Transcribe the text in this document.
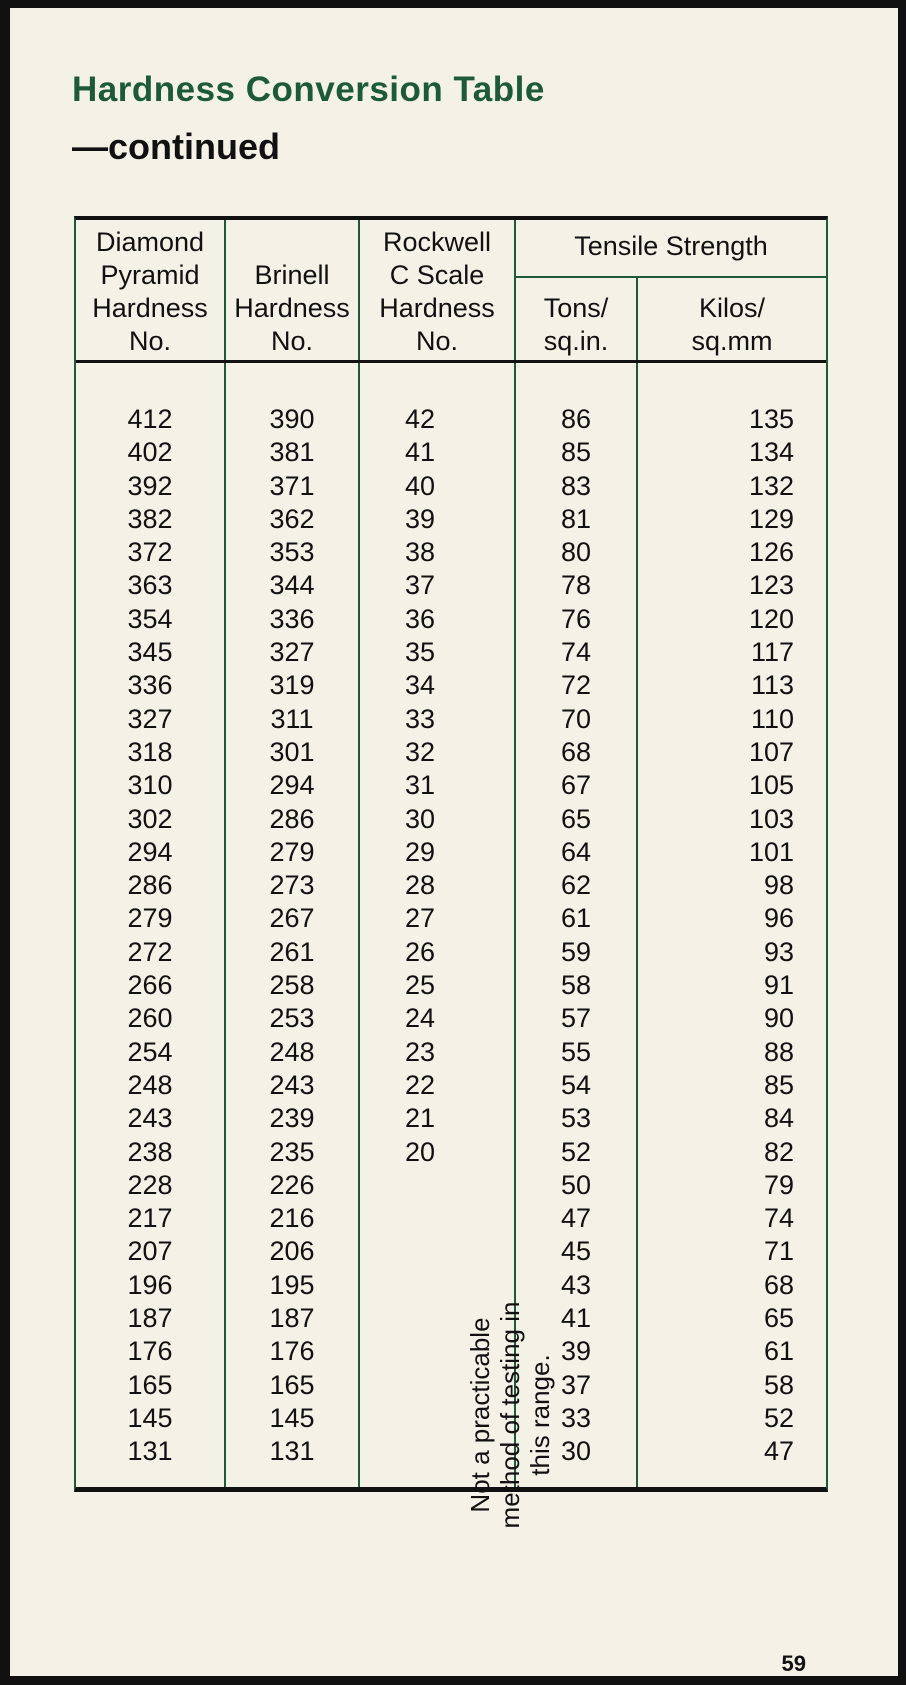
Hardness Conversion Table
—continued
Diamond
Pyramid
Hardness
No.
Brinell
Hardness
No.
Rockwell
C Scale
Hardness
No.
Tensile Strength
Tons/
sq.in.
Kilos/
sq.mm
412
402
392
382
372
363
354
345
336
327
318
310
302
294
286
279
272
266
260
254
248
243
238
228
217
207
196
187
176
165
145
131
390
381
371
362
353
344
336
327
319
311
301
294
286
279
273
267
261
258
253
248
243
239
235
226
216
206
195
187
176
165
145
131
42
41
40
39
38
37
36
35
34
33
32
31
30
29
28
27
26
25
24
23
22
21
20
86
85
83
81
80
78
76
74
72
70
68
67
65
64
62
61
59
58
57
55
54
53
52
50
47
45
43
41
39
37
33
30
135
134
132
129
126
123
120
117
113
110
107
105
103
101
98
96
93
91
90
88
85
84
82
79
74
71
68
65
61
58
52
47
Not a practicable
method of testing in
this range.
59
